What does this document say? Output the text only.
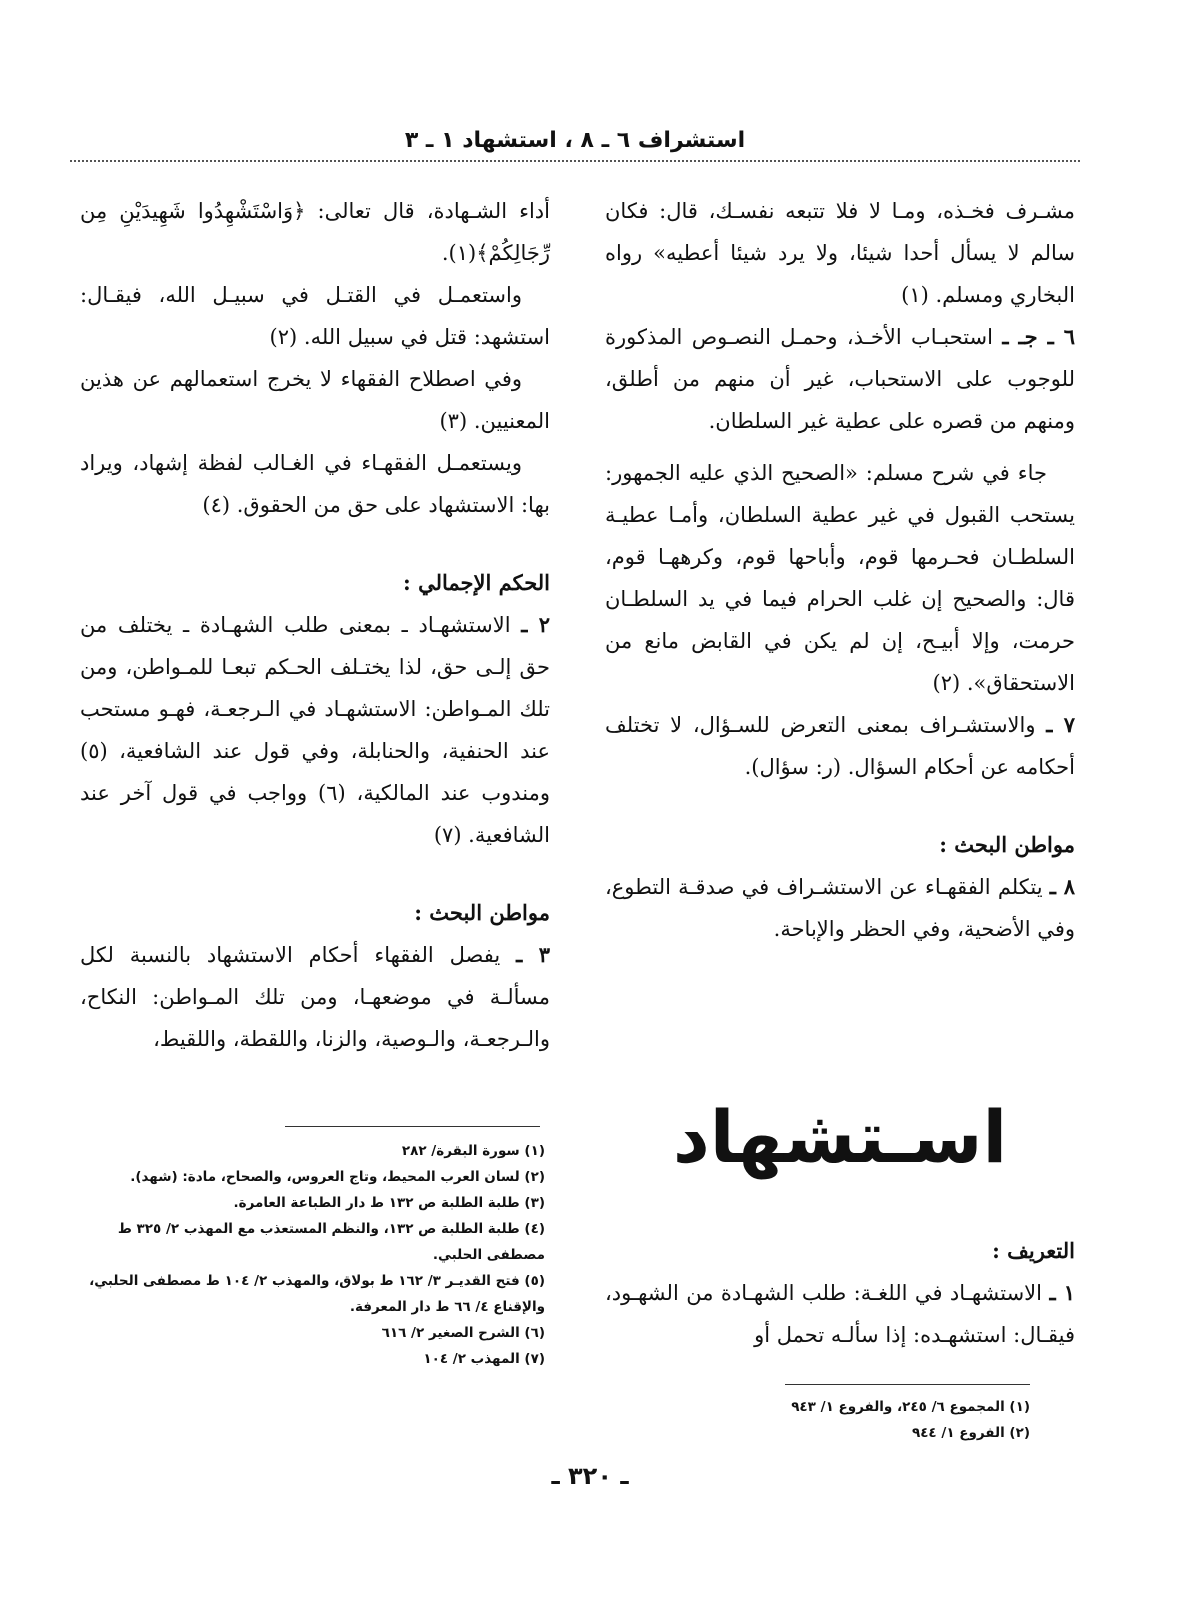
استشراف ٦ ـ ٨ ، استشهاد ١ ـ ٣

مشـرف فخـذه، ومـا لا فلا تتبعه نفسـك، قال: فكان سالم لا يسأل أحدا شيئا، ولا يرد شيئا أعطيه» رواه البخاري ومسلم. (١)

٦ ـ جـ ـ استحبـاب الأخـذ، وحمـل النصـوص المذكورة للوجوب على الاستحباب، غير أن منهم من أطلق، ومنهم من قصره على عطية غير السلطان.

جاء في شرح مسلم: «الصحيح الذي عليه الجمهور: يستحب القبول في غير عطية السلطان، وأمـا عطيـة السلطـان فحـرمها قوم، وأباحها قوم، وكرههـا قوم، قال: والصحيح إن غلب الحرام فيما في يد السلطـان حرمت، وإلا أبيـح، إن لم يكن في القابض مانع من الاستحقاق». (٢)

٧ ـ والاستشـراف بمعنى التعرض للسـؤال، لا تختلف أحكامه عن أحكام السؤال. (ر: سؤال).

مواطن البحث :

٨ ـ يتكلم الفقهـاء عن الاستشـراف في صدقـة التطوع، وفي الأضحية، وفي الحظر والإباحة.

اسـتشهاد

التعريف :

١ ـ الاستشهـاد في اللغـة: طلب الشهـادة من الشهـود، فيقـال: استشهـده: إذا سألـه تحمل أو

(١) المجموع ٦/ ٢٤٥، والفروع ١/ ٩٤٣

(٢) الفروع ١/ ٩٤٤

أداء الشـهادة، قال تعالى: ﴿وَاسْتَشْهِدُوا شَهِيدَيْنِ مِن رِّجَالِكُمْ﴾(١).

واستعمـل في القتـل في سبيـل الله، فيقـال: استشهد: قتل في سبيل الله. (٢)

وفي اصطلاح الفقهاء لا يخرج استعمالهم عن هذين المعنيين. (٣)

ويستعمـل الفقهـاء في الغـالب لفظة إشهاد، ويراد بها: الاستشهاد على حق من الحقوق. (٤)

الحكم الإجمالي :

٢ ـ الاستشهـاد ـ بمعنى طلب الشهـادة ـ يختلف من حق إلـى حق، لذا يختـلف الحـكم تبعـا للمـواطن، ومن تلك المـواطن: الاستشهـاد في الـرجعـة، فهـو مستحب عند الحنفية، والحنابلة، وفي قول عند الشافعية، (٥) ومندوب عند المالكية، (٦) وواجب في قول آخر عند الشافعية. (٧)

مواطن البحث :

٣ ـ يفصل الفقهاء أحكام الاستشهاد بالنسبة لكل مسألـة في موضعهـا، ومن تلك المـواطن: النكاح، والـرجعـة، والـوصية، والزنا، واللقطة، واللقيط،

(١) سورة البقرة/ ٢٨٢

(٢) لسان العرب المحيط، وتاج العروس، والصحاح، مادة: (شهد).

(٣) طلبة الطلبة ص ١٣٢ ط دار الطباعة العامرة.

(٤) طلبة الطلبة ص ١٣٢، والنظم المستعذب مع المهذب ٢/ ٣٢٥ ط مصطفى الحلبي.

(٥) فتح القديـر ٣/ ١٦٢ ط بولاق، والمهذب ٢/ ١٠٤ ط مصطفى الحلبي، والإقناع ٤/ ٦٦ ط دار المعرفة.

(٦) الشرح الصغير ٢/ ٦١٦

(٧) المهذب ٢/ ١٠٤

ـ ٣٢٠ ـ
